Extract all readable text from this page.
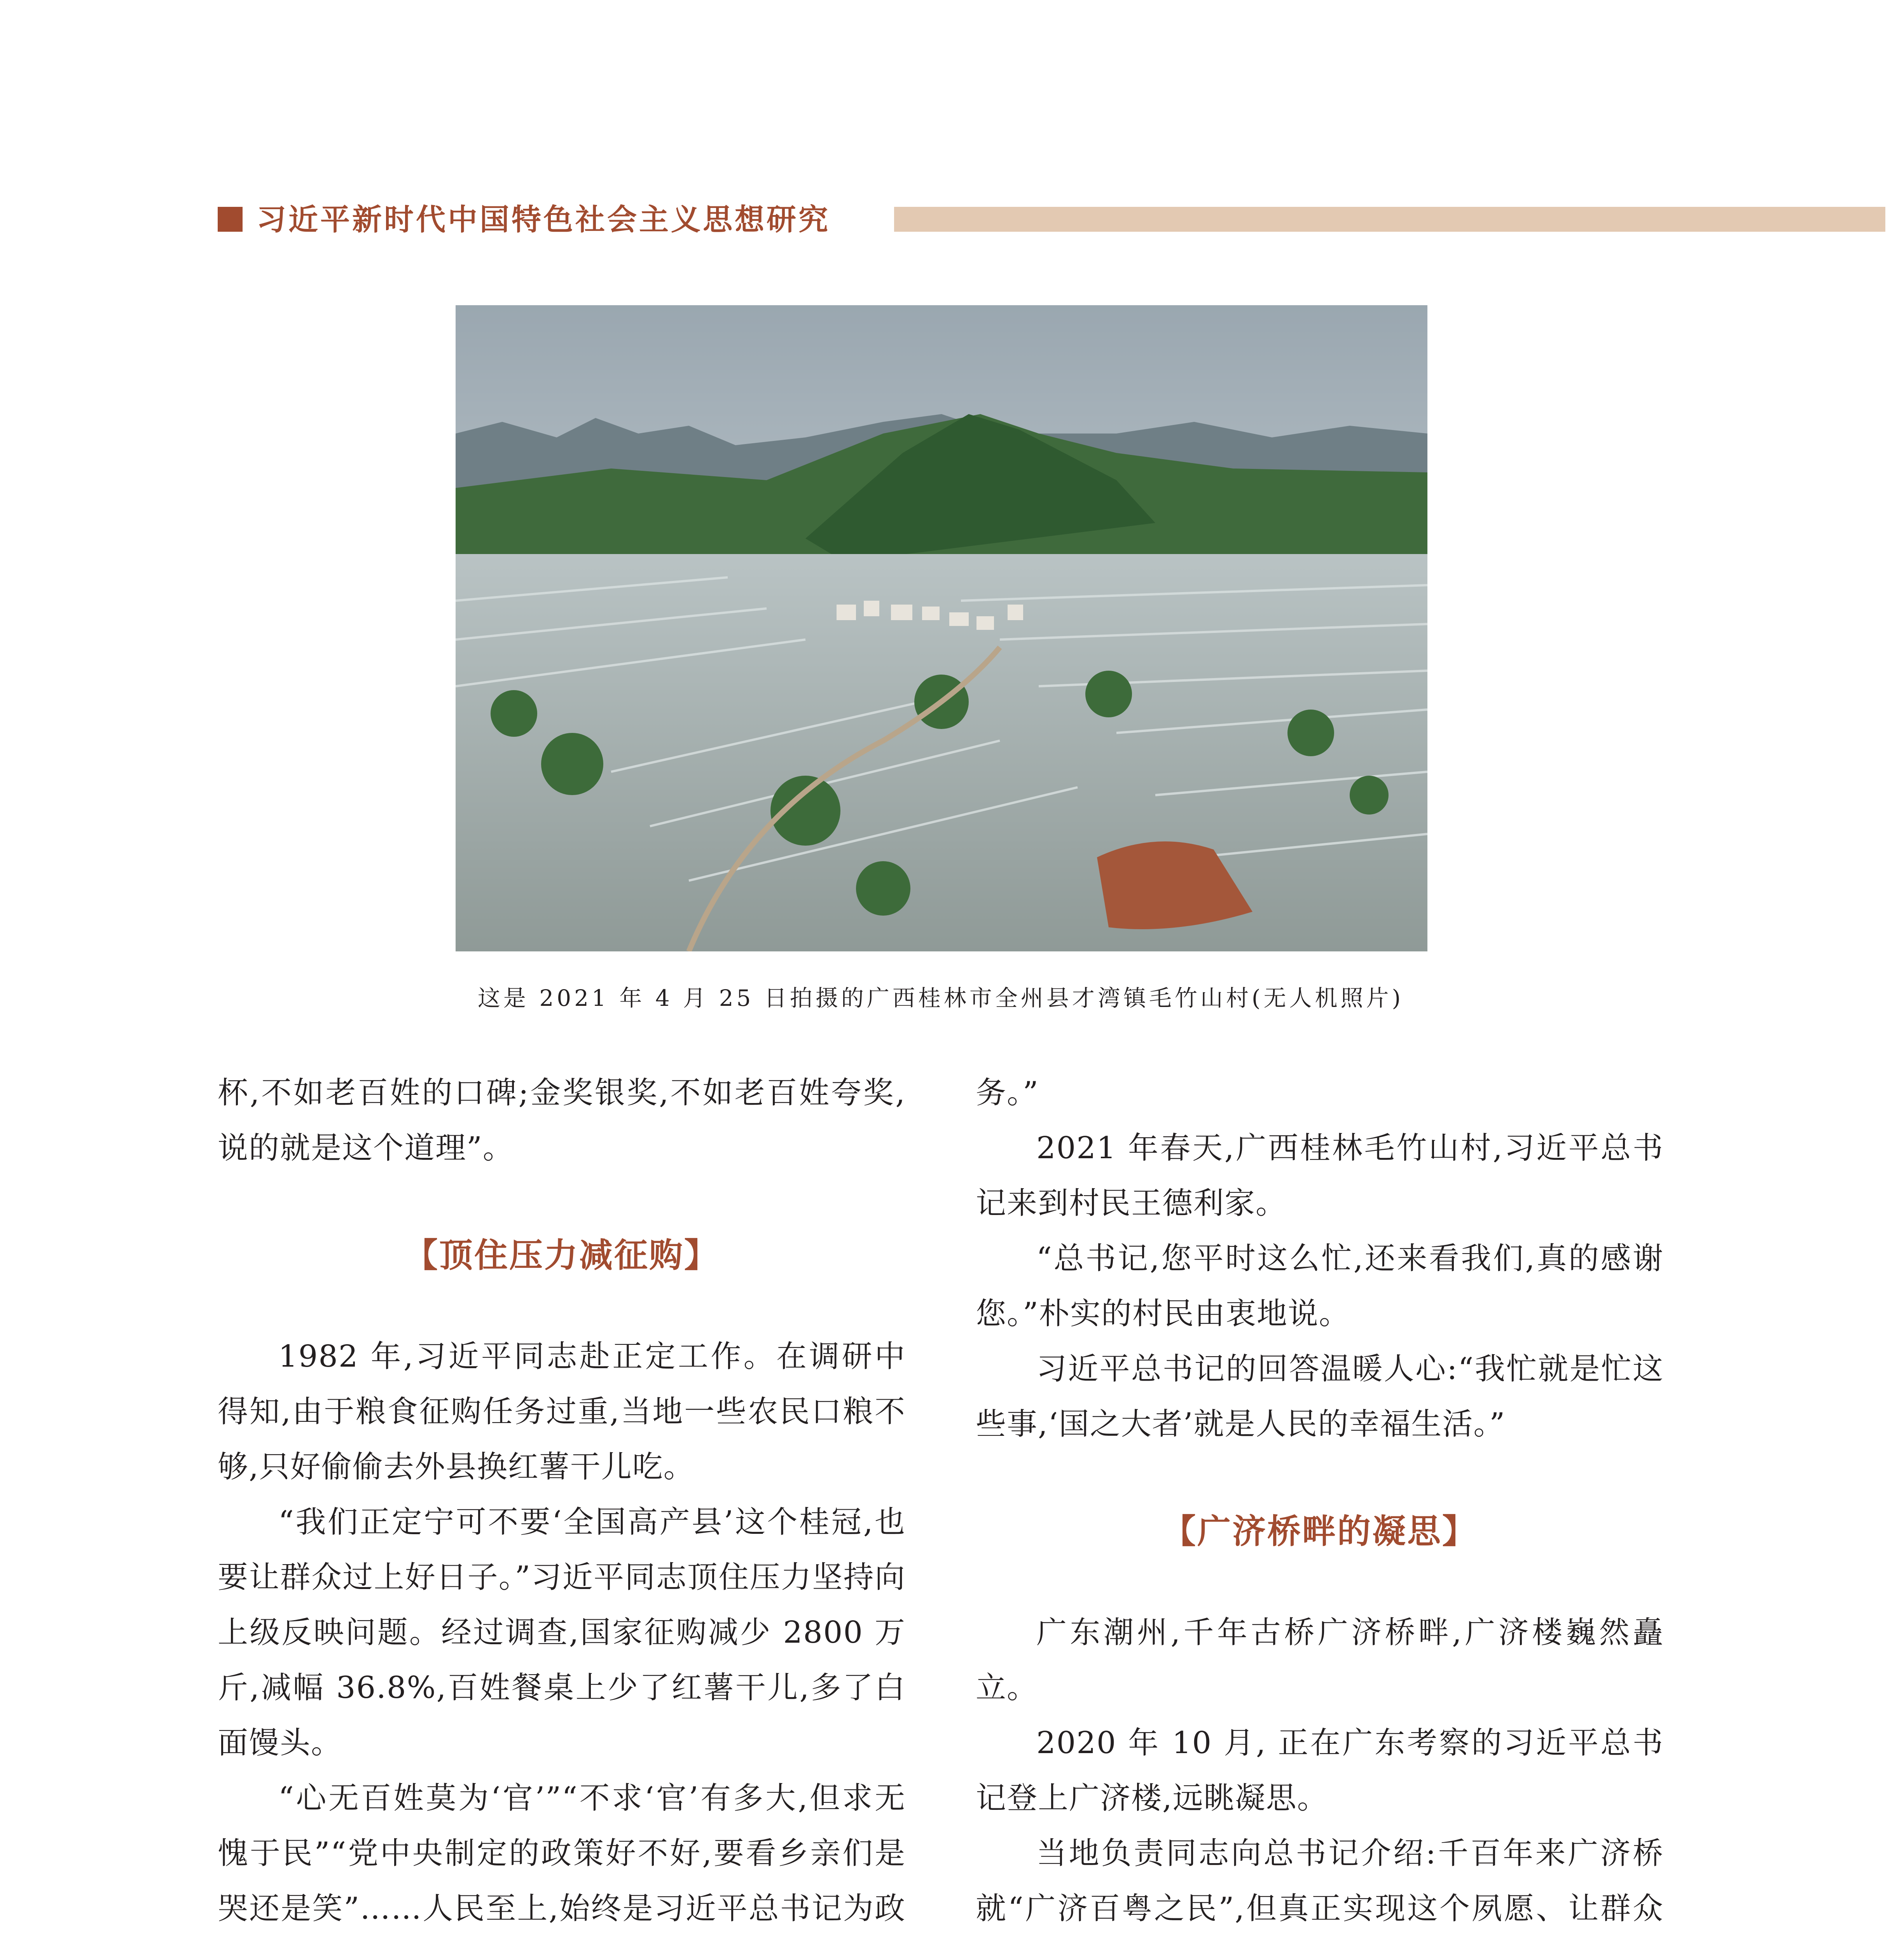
习近平新时代中国特色社会主义思想研究
这是 2021 年 4 月 25 日拍摄的广西桂林市全州县才湾镇毛竹山村(无人机照片)

杯,不如老百姓的口碑;金奖银奖,不如老百姓夸奖,说的就是这个道理”。

【顶住压力减征购】

1982 年,习近平同志赴正定工作。在调研中得知,由于粮食征购任务过重,当地一些农民口粮不够,只好偷偷去外县换红薯干儿吃。

“我们正定宁可不要‘全国高产县’这个桂冠,也要让群众过上好日子。”习近平同志顶住压力坚持向上级反映问题。经过调查,国家征购减少 2800 万斤,减幅 36.8%,百姓餐桌上少了红薯干儿,多了白面馒头。

“心无百姓莫为‘官’”“不求‘官’有多大,但求无愧于民”“党中央制定的政策好不好,要看乡亲们是哭还是笑”……人民至上,始终是习近平总书记为政

务。”

2021 年春天,广西桂林毛竹山村,习近平总书记来到村民王德利家。

“总书记,您平时这么忙,还来看我们,真的感谢您。”朴实的村民由衷地说。

习近平总书记的回答温暖人心:“我忙就是忙这些事,‘国之大者’就是人民的幸福生活。”

【广济桥畔的凝思】

广东潮州,千年古桥广济桥畔,广济楼巍然矗立。

2020 年 10 月, 正在广东考察的习近平总书记登上广济楼,远眺凝思。

当地负责同志向总书记介绍:千百年来广济桥就“广济百粤之民”,但真正实现这个夙愿、让群众
